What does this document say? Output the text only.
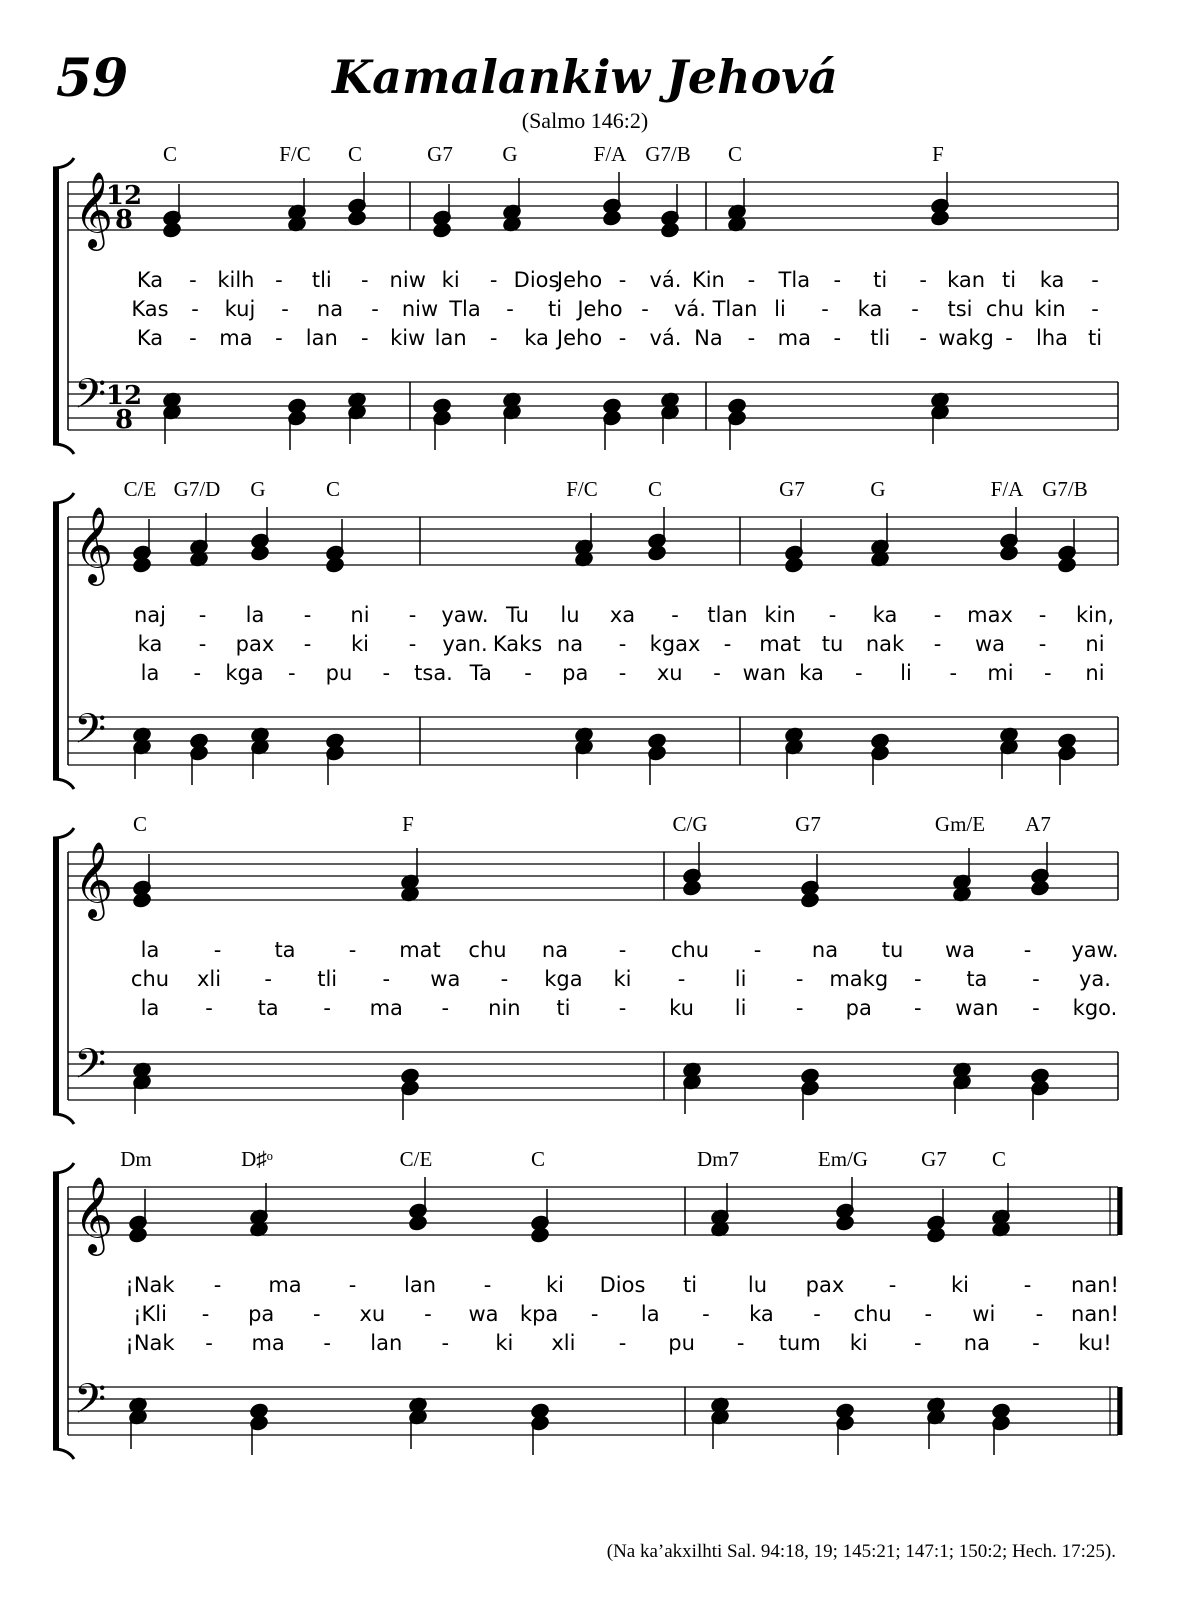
59	Kamalankiw Jehová
(Salmo 146:2)
C	F/C C	G7 G	F/A G7/B C	F
𝄞
𝄢
12
8
12
8
Ka - kilh - tli - niw ki - Dios
Jeho - vá. Kin - Tla - ti - kan ti ka -
Kas - kuj - na - niw Tla - ti Jeho - vá. Tlan li - ka - tsi chu kin -
Ka - ma - lan - kiw lan - ka Jeho - vá. Na - ma - tli - wakg - lha ti
C/E G7/D G	C	F/C C	G7	G	F/A G7/B
𝄞
𝄢
naj - la - ni - yaw. Tu lu xa - tlan kin - ka - max - kin,
ka - pax - ki - yan. Kaks na - kgax - mat tu nak - wa - ni
la - kga - pu - tsa. Ta - pa - xu - wan ka - li - mi - ni
C	F	C/G	G7	Gm/E A7
𝄞
𝄢
la	-	ta	- mat chu na - chu - na tu wa - yaw.
chu xli - tli - wa - kga ki - li - makg - ta - ya.
la - ta - ma - nin ti - ku li - pa - wan - kgo.
Dm	D♯ᵒ	C/E	C	Dm7	Em/G	G7 C
𝄞
𝄢
¡Nak - ma - lan -	ki Dios ti lu pax -	ki	- nan!
¡Kli - pa - xu - wa kpa - la - ka - chu - wi - nan!
¡Nak - ma - lan - ki xli - pu - tum ki - na - ku!
(Na ka’akxilhti Sal. 94:18, 19; 145:21; 147:1; 150:2; Hech. 17:25).
